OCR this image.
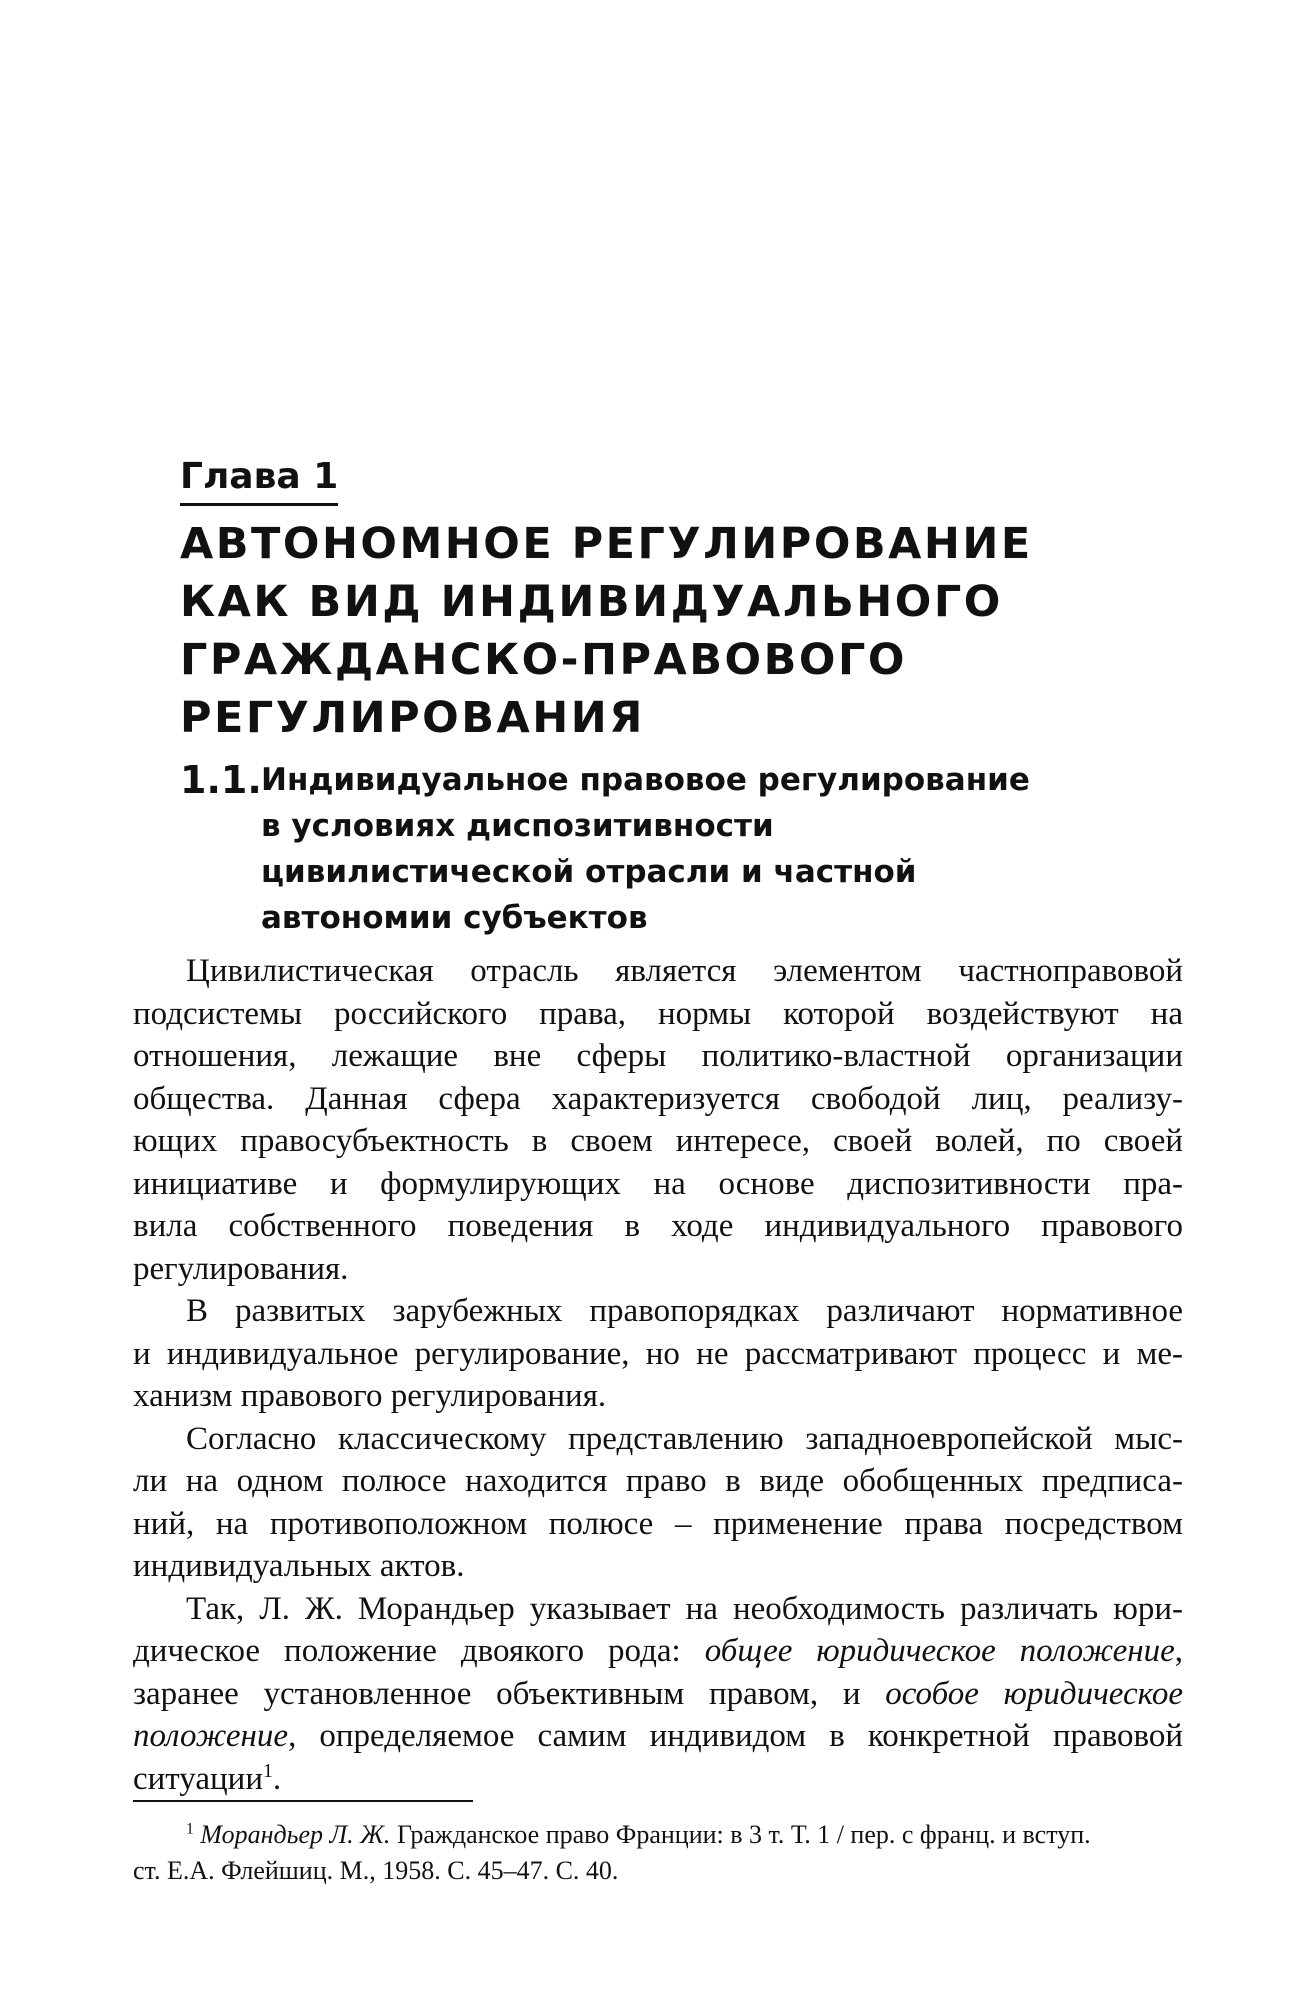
Глава 1
АВТОНОМНОЕ РЕГУЛИРОВАНИЕ
КАК ВИД ИНДИВИДУАЛЬНОГО
ГРАЖДАНСКО-ПРАВОВОГО
РЕГУЛИРОВАНИЯ
1.1. Индивидуальное правовое регулирование
в условиях диспозитивности
цивилистической отрасли и частной
автономии субъектов
Цивилистическая отрасль является элементом частноправовой
подсистемы российского права, нормы которой воздействуют на
отношения, лежащие вне сферы политико-властной организации
общества. Данная сфера характеризуется свободой лиц, реализу-
ющих правосубъектность в своем интересе, своей волей, по своей
инициативе и формулирующих на основе диспозитивности пра-
вила собственного поведения в ходе индивидуального правового
регулирования.
В развитых зарубежных правопорядках различают нормативное
и индивидуальное регулирование, но не рассматривают процесс и ме-
ханизм правового регулирования.
Согласно классическому представлению западноевропейской мыс-
ли на одном полюсе находится право в виде обобщенных предписа-
ний, на противоположном полюсе – применение права посредством
индивидуальных актов.
Так, Л. Ж. Морандьер указывает на необходимость различать юри-
дическое положение двоякого рода: общее юридическое положение,
заранее установленное объективным правом, и особое юридическое
положение, определяемое самим индивидом в конкретной правовой
ситуации$^1$.
$^1$ Морандьер Л. Ж. Гражданское право Франции: в 3 т. Т. 1 / пер. с франц. и вступ.
ст. Е.А. Флейшиц. М., 1958. С. 45–47. С. 40.
